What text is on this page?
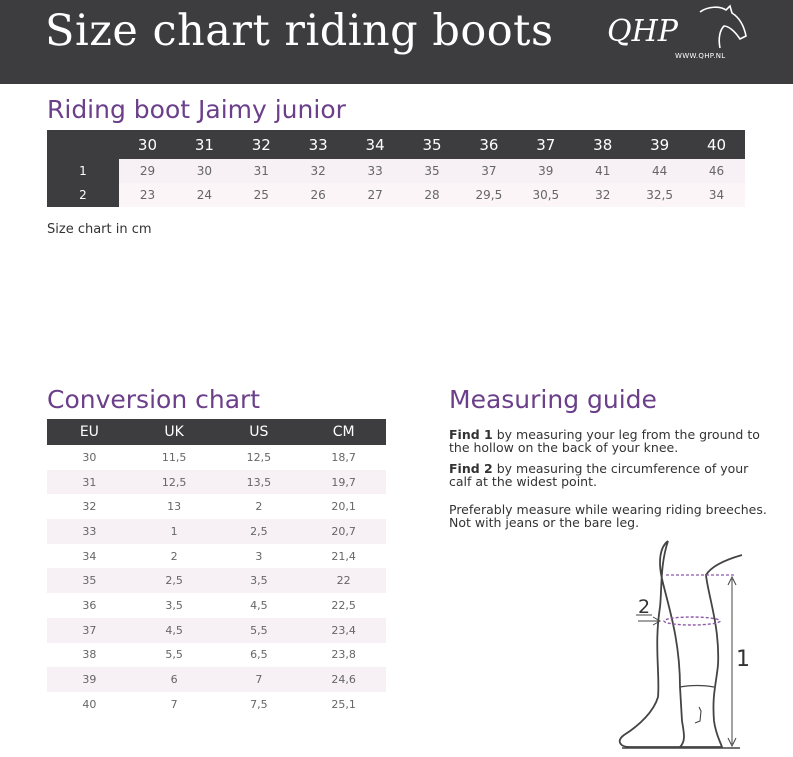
Size chart riding boots QHP
WWW.QHP.NL
Riding boot Jaimy junior
	30	31	32	33	34	35	36	37	38	39	40
1	29	30	31	32	33	35	37	39	41	44	46
2	23	24	25	26	27	28	29,5	30,5	32	32,5	34
Size chart in cm
Conversion chart
EU	UK	US	CM
30	11,5	12,5	18,7
31	12,5	13,5	19,7
32	13	2	20,1
33	1	2,5	20,7
34	2	3	21,4
35	2,5	3,5	22
36	3,5	4,5	22,5
37	4,5	5,5	23,4
38	5,5	6,5	23,8
39	6	7	24,6
40	7	7,5	25,1
Measuring guide
Find 1 by measuring your leg from the ground to the hollow on the back of your knee.
Find 2 by measuring the circumference of your calf at the widest point.
Preferably measure while wearing riding breeches. Not with jeans or the bare leg.
1
2
